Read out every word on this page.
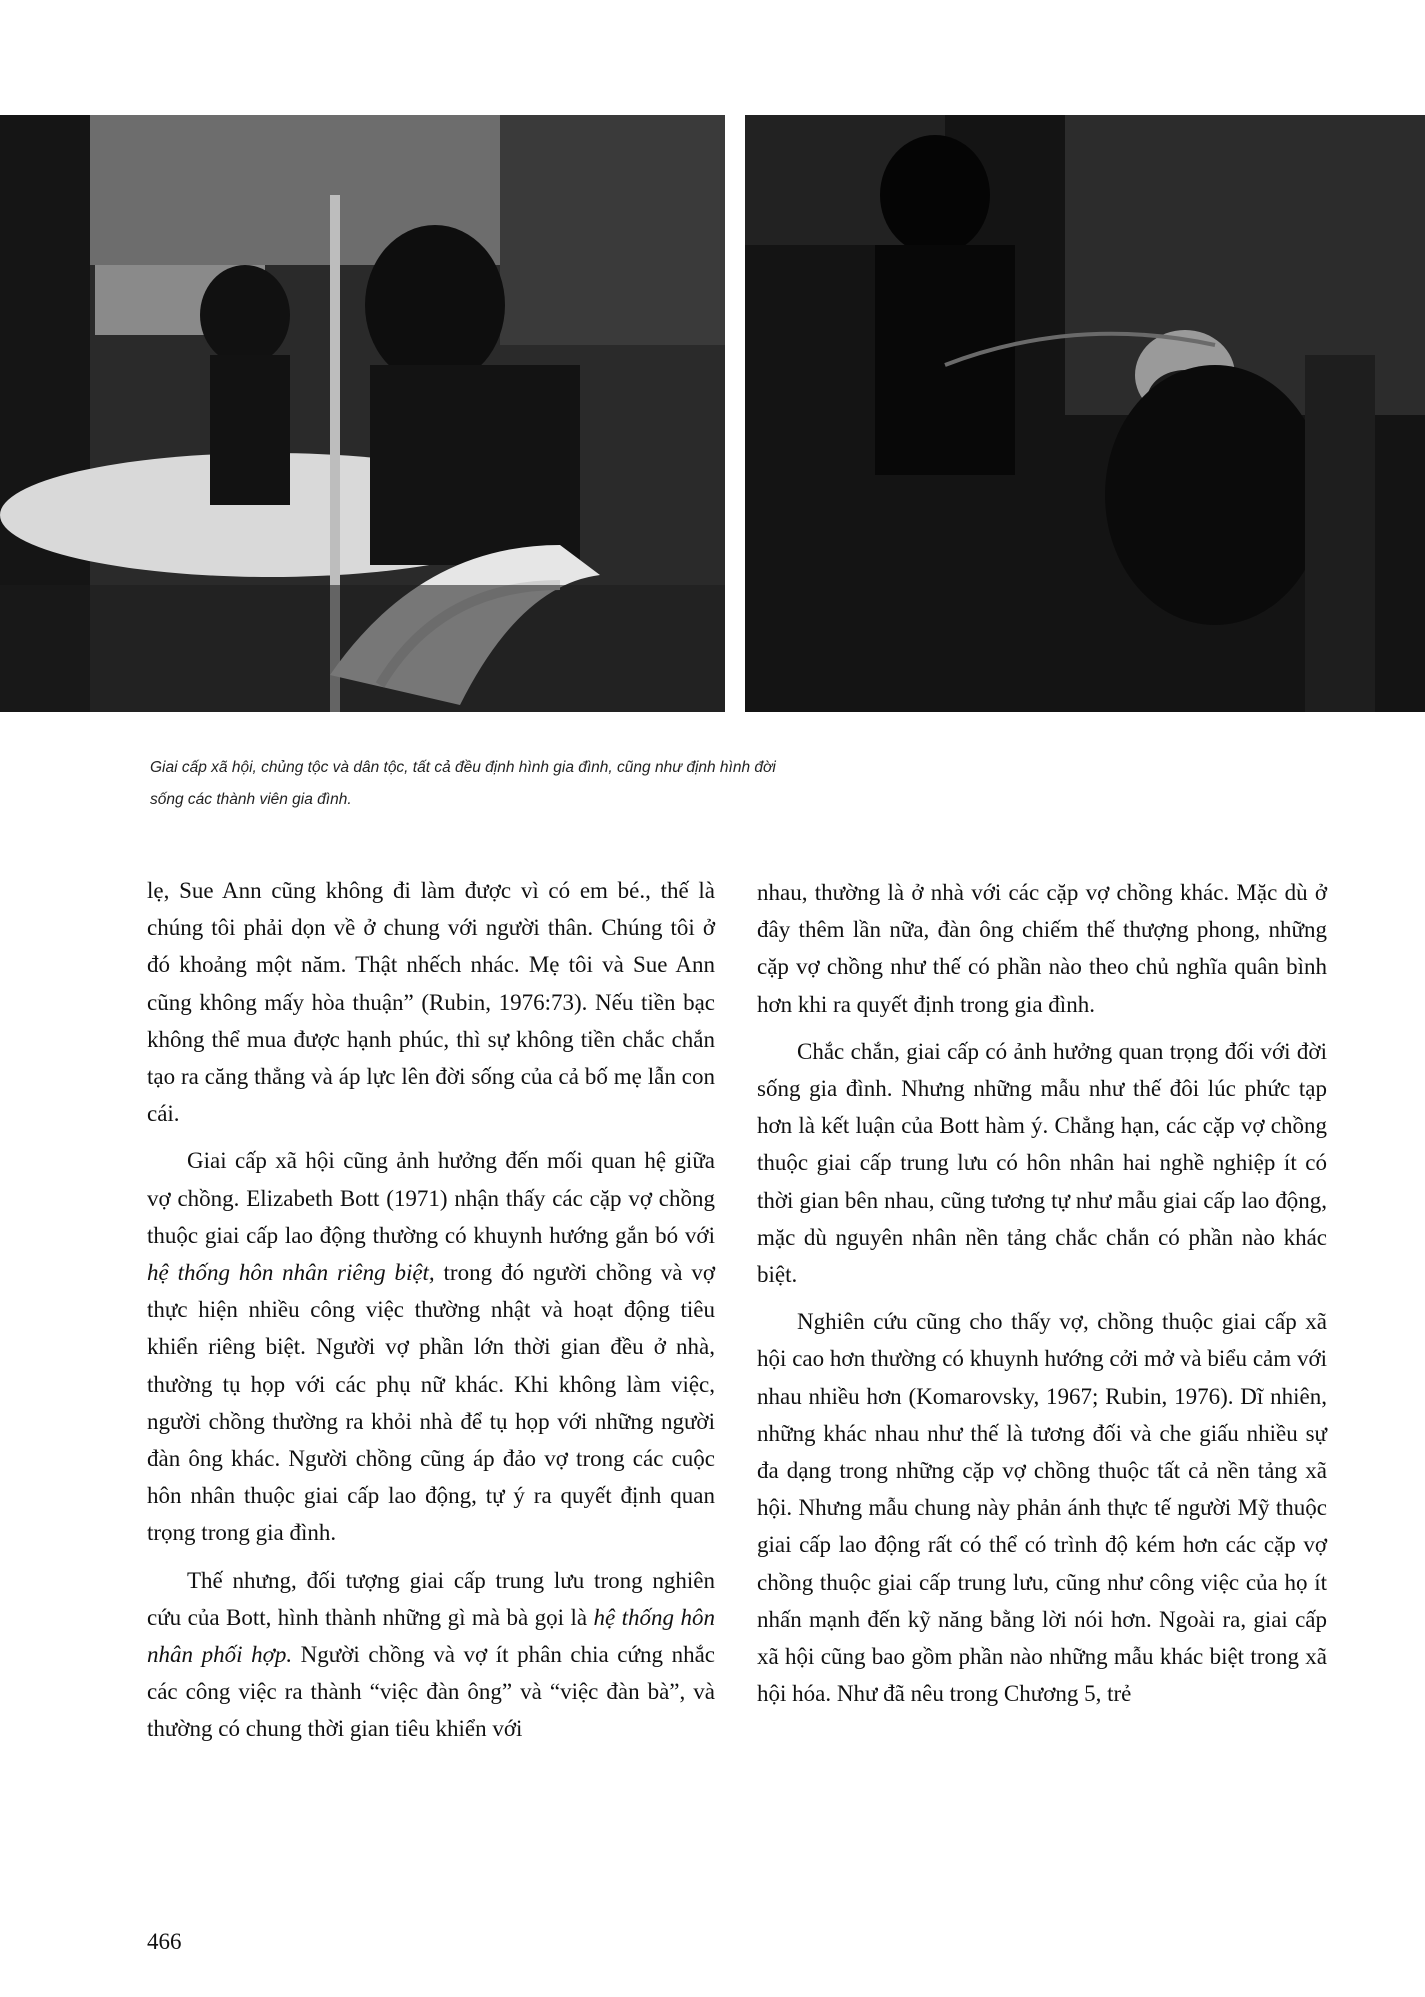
Giai cấp xã hội, chủng tộc và dân tộc, tất cả đều định hình gia đình, cũng như định hình đời sống các thành viên gia đình.

lẹ, Sue Ann cũng không đi làm được vì có em bé., thế là chúng tôi phải dọn về ở chung với người thân. Chúng tôi ở đó khoảng một năm. Thật nhếch nhác. Mẹ tôi và Sue Ann cũng không mấy hòa thuận” (Rubin, 1976:73). Nếu tiền bạc không thể mua được hạnh phúc, thì sự không tiền chắc chắn tạo ra căng thẳng và áp lực lên đời sống của cả bố mẹ lẫn con cái.

Giai cấp xã hội cũng ảnh hưởng đến mối quan hệ giữa vợ chồng. Elizabeth Bott (1971) nhận thấy các cặp vợ chồng thuộc giai cấp lao động thường có khuynh hướng gắn bó với hệ thống hôn nhân riêng biệt, trong đó người chồng và vợ thực hiện nhiều công việc thường nhật và hoạt động tiêu khiển riêng biệt. Người vợ phần lớn thời gian đều ở nhà, thường tụ họp với các phụ nữ khác. Khi không làm việc, người chồng thường ra khỏi nhà để tụ họp với những người đàn ông khác. Người chồng cũng áp đảo vợ trong các cuộc hôn nhân thuộc giai cấp lao động, tự ý ra quyết định quan trọng trong gia đình.

Thế nhưng, đối tượng giai cấp trung lưu trong nghiên cứu của Bott, hình thành những gì mà bà gọi là hệ thống hôn nhân phối hợp. Người chồng và vợ ít phân chia cứng nhắc các công việc ra thành “việc đàn ông” và “việc đàn bà”, và thường có chung thời gian tiêu khiển với

nhau, thường là ở nhà với các cặp vợ chồng khác. Mặc dù ở đây thêm lần nữa, đàn ông chiếm thế thượng phong, những cặp vợ chồng như thế có phần nào theo chủ nghĩa quân bình hơn khi ra quyết định trong gia đình.

Chắc chắn, giai cấp có ảnh hưởng quan trọng đối với đời sống gia đình. Nhưng những mẫu như thế đôi lúc phức tạp hơn là kết luận của Bott hàm ý. Chẳng hạn, các cặp vợ chồng thuộc giai cấp trung lưu có hôn nhân hai nghề nghiệp ít có thời gian bên nhau, cũng tương tự như mẫu giai cấp lao động, mặc dù nguyên nhân nền tảng chắc chắn có phần nào khác biệt.

Nghiên cứu cũng cho thấy vợ, chồng thuộc giai cấp xã hội cao hơn thường có khuynh hướng cởi mở và biểu cảm với nhau nhiều hơn (Komarovsky, 1967; Rubin, 1976). Dĩ nhiên, những khác nhau như thế là tương đối và che giấu nhiều sự đa dạng trong những cặp vợ chồng thuộc tất cả nền tảng xã hội. Nhưng mẫu chung này phản ánh thực tế người Mỹ thuộc giai cấp lao động rất có thể có trình độ kém hơn các cặp vợ chồng thuộc giai cấp trung lưu, cũng như công việc của họ ít nhấn mạnh đến kỹ năng bằng lời nói hơn. Ngoài ra, giai cấp xã hội cũng bao gồm phần nào những mẫu khác biệt trong xã hội hóa. Như đã nêu trong Chương 5, trẻ

466
